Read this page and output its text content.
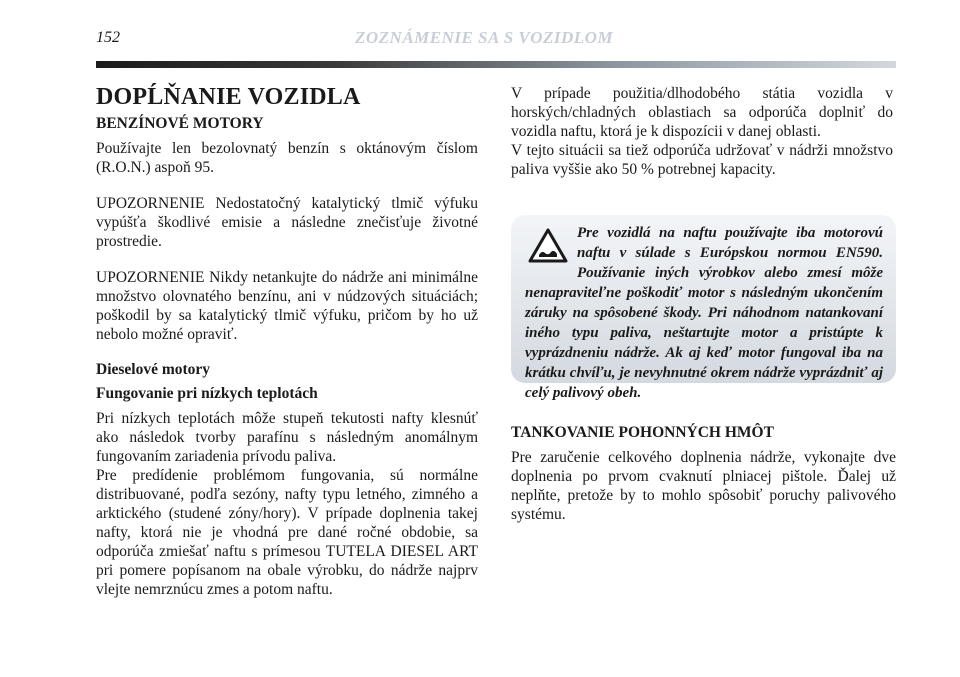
152	ZOZNÁMENIE SA S VOZIDLOM
DOPĹŇANIE VOZIDLA
BENZÍNOVÉ MOTORY

Používajte len bezolovnatý benzín s oktánovým číslom (R.O.N.) aspoň 95.

UPOZORNENIE Nedostatočný katalytický tlmič výfuku vypúšťa škodlivé emisie a následne znečisťuje životné prostredie.

UPOZORNENIE Nikdy netankujte do nádrže ani minimálne množstvo olovnatého benzínu, ani v núdzových situáciách; poškodil by sa katalytický tlmič výfuku, pričom by ho už nebolo možné opraviť.

Dieselové motory
Fungovanie pri nízkych teplotách

Pri nízkych teplotách môže stupeň tekutosti nafty klesnúť ako následok tvorby parafínu s následným anomálnym fungovaním zariadenia prívodu paliva.

Pre predídenie problémom fungovania, sú normálne distribuované, podľa sezóny, nafty typu letného, zimného a arktického (studené zóny/hory). V prípade doplnenia takej nafty, ktorá nie je vhodná pre dané ročné obdobie, sa odporúča zmiešať naftu s prímesou TUTELA DIESEL ART pri pomere popísanom na obale výrobku, do nádrže najprv vlejte nemrznúcu zmes a potom naftu.

V prípade použitia/dlhodobého státia vozidla v horských/chladných oblastiach sa odporúča doplniť do vozidla naftu, ktorá je k dispozícii v danej oblasti.

V tejto situácii sa tiež odporúča udržovať v nádrži množstvo paliva vyššie ako 50 % potrebnej kapacity.

Pre vozidlá na naftu používajte iba motorovú naftu v súlade s Európskou normou EN590. Používanie iných výrobkov alebo zmesí môže nenapraviteľne poškodiť motor s následným ukončením záruky na spôsobené škody. Pri náhodnom natankovaní iného typu paliva, neštartujte motor a pristúpte k vyprázdneniu nádrže. Ak aj keď motor fungoval iba na krátku chvíľu, je nevyhnutné okrem nádrže vyprázdniť aj celý palivový obeh.
TANKOVANIE POHONNÝCH HMÔT

Pre zaručenie celkového doplnenia nádrže, vykonajte dve doplnenia po prvom cvaknutí plniacej pištole. Ďalej už neplňte, pretože by to mohlo spôsobiť poruchy palivového systému.
